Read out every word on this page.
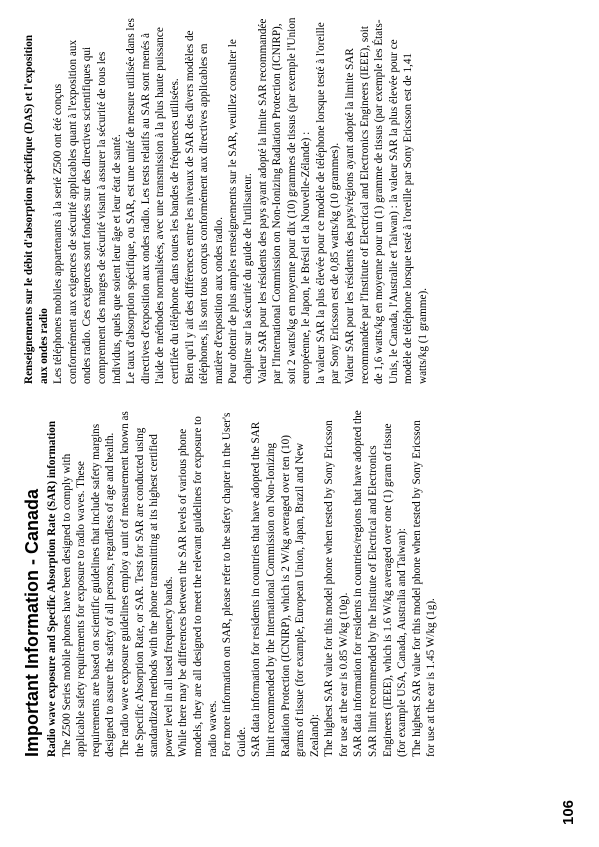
106

Important Information - Canada Radio wave exposure and Specific Absorption Rate (SAR) information The Z500 Series mobile phones have been designed to comply with applicable safety requirements for exposure to radio waves. These requirements are based on scientific guidelines that include safety margins designed to assure the safety of all persons, regardless of age and health. The radio wave exposure guidelines employ a unit of measurement known as the Specific Absorption Rate, or SAR. Tests for SAR are conducted using standardized methods with the phone transmitting at its highest certified power level in all used frequency bands. While there may be differences between the SAR levels of various phone models, they are all designed to meet the relevant guidelines for exposure to radio waves. For more information on SAR, please refer to the safety chapter in the User's Guide. SAR data information for residents in countries that have adopted the SAR limit recommended by the International Commission on Non-Ionizing Radiation Protection (ICNIRP), which is 2 W/kg averaged over ten (10) grams of tissue (for example, European Union, Japan, Brazil and New Zealand): The highest SAR value for this model phone when tested by Sony Ericsson for use at the ear is 0.85 W/kg (10g). SAR data information for residents in countries/regions that have adopted the SAR limit recommended by the Institute of Electrical and Electronics Engineers (IEEE), which is 1.6 W/kg averaged over one (1) gram of tissue (for example USA, Canada, Australia and Taiwan): The highest SAR value for this model phone when tested by Sony Ericsson for use at the ear is 1.45 W/kg (1g).

Renseignements sur le débit d'absorption spécifique (DAS) et l'exposition aux ondes radio Les téléphones mobiles appartenants à la serié Z500 ont été conçus conformément aux exigences de sécurité applicables quant à l'exposition aux ondes radio. Ces exigences sont fondées sur des directives scientifiques qui comprennent des marges de sécurité visant à assurer la sécurité de tous les individus, quels que soient leur âge et leur état de santé. Le taux d'absorption spécifique, ou SAR, est une unité de mesure utilisée dans les directives d'exposition aux ondes radio. Les tests relatifs au SAR sont menés à l'aide de méthodes normalisées, avec une transmission à la plus haute puissance certifiée du téléphone dans toutes les bandes de fréquences utilisées. Bien qu'il y ait des différences entre les niveaux de SAR des divers modèles de téléphones, ils sont tous conçus conformément aux directives applicables en matière d'exposition aux ondes radio. Pour obtenir de plus amples renseignements sur le SAR, veuillez consulter le chapitre sur la sécurité du guide de l'utilisateur. Valeur SAR pour les résidents des pays ayant adopté la limite SAR recommandée par l'International Commission on Non-Ionizing Radiation Protection (ICNIRP), soit 2 watts/kg en moyenne pour dix (10) grammes de tissus (par exemple l'Union européenne, le Japon, le Brésil et la Nouvelle-Zélande) : la valeur SAR la plus élevée pour ce modèle de téléphone lorsque testé à l'oreille par Sony Ericsson est de 0,85 watts/kg (10 grammes). Valeur SAR pour les résidents des pays/régions ayant adopté la limite SAR recommandée par l'Institute of Electrical and Electronics Engineers (IEEE), soit de 1,6 watts/kg en moyenne pour un (1) gramme de tissus (par exemple les États-Unis, le Canada, l'Australie et Taiwan) : la valeur SAR la plus élevée pour ce modèle de téléphone lorsque testé à l'oreille par Sony Ericsson est de 1,41 watts/kg (1 gramme).
